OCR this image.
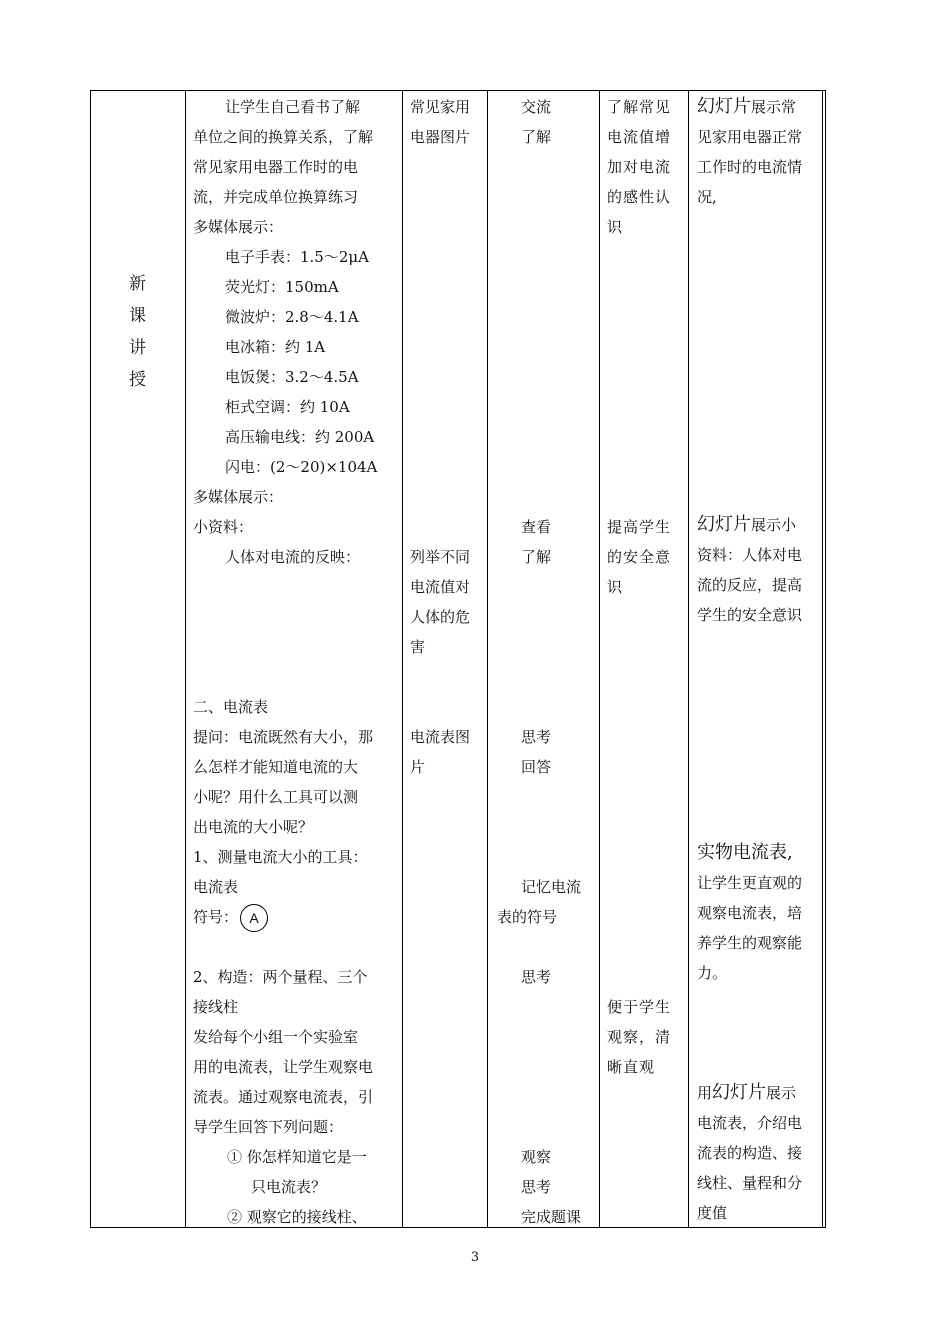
新
课
讲
授
让学生自己看书了解
单位之间的换算关系，了解
常见家用电器工作时的电
流，并完成单位换算练习
多媒体展示：
电子手表：1.5～2μA
荧光灯：150mA
微波炉：2.8～4.1A
电冰箱：约 1A
电饭煲：3.2～4.5A
柜式空调：约 10A
高压输电线：约 200A
闪电：(2～20)×104A
多媒体展示：
小资料：
人体对电流的反映：
二、电流表
提问：电流既然有大小，那
么怎样才能知道电流的大
小呢？用什么工具可以测
出电流的大小呢？
1、测量电流大小的工具：
电流表
符号： A

2、构造：两个量程、三个
接线柱
发给每个小组一个实验室
用的电流表，让学生观察电
流表。通过观察电流表，引
导学生回答下列问题：
① 你怎样知道它是一
只电流表？
② 观察它的接线柱、
常见家用
电器图片
列举不同
电流值对
人体的危
害
电流表图
片
交流
了解
查看
了解
思考
回答
记忆电流
表的符号
思考
观察
思考
完成题课
了解常见
电流值增
加对电流
的感性认
识
提高学生
的安全意
识
便于学生
观察，清
晰直观
幻灯片展示常
见家用电器正常
工作时的电流情
况,
幻灯片展示小
资料：人体对电
流的反应，提高
学生的安全意识
实物电流表,
让学生更直观的
观察电流表，培
养学生的观察能
力。
用幻灯片展示
电流表，介绍电
流表的构造、接
线柱、量程和分
度值
3
